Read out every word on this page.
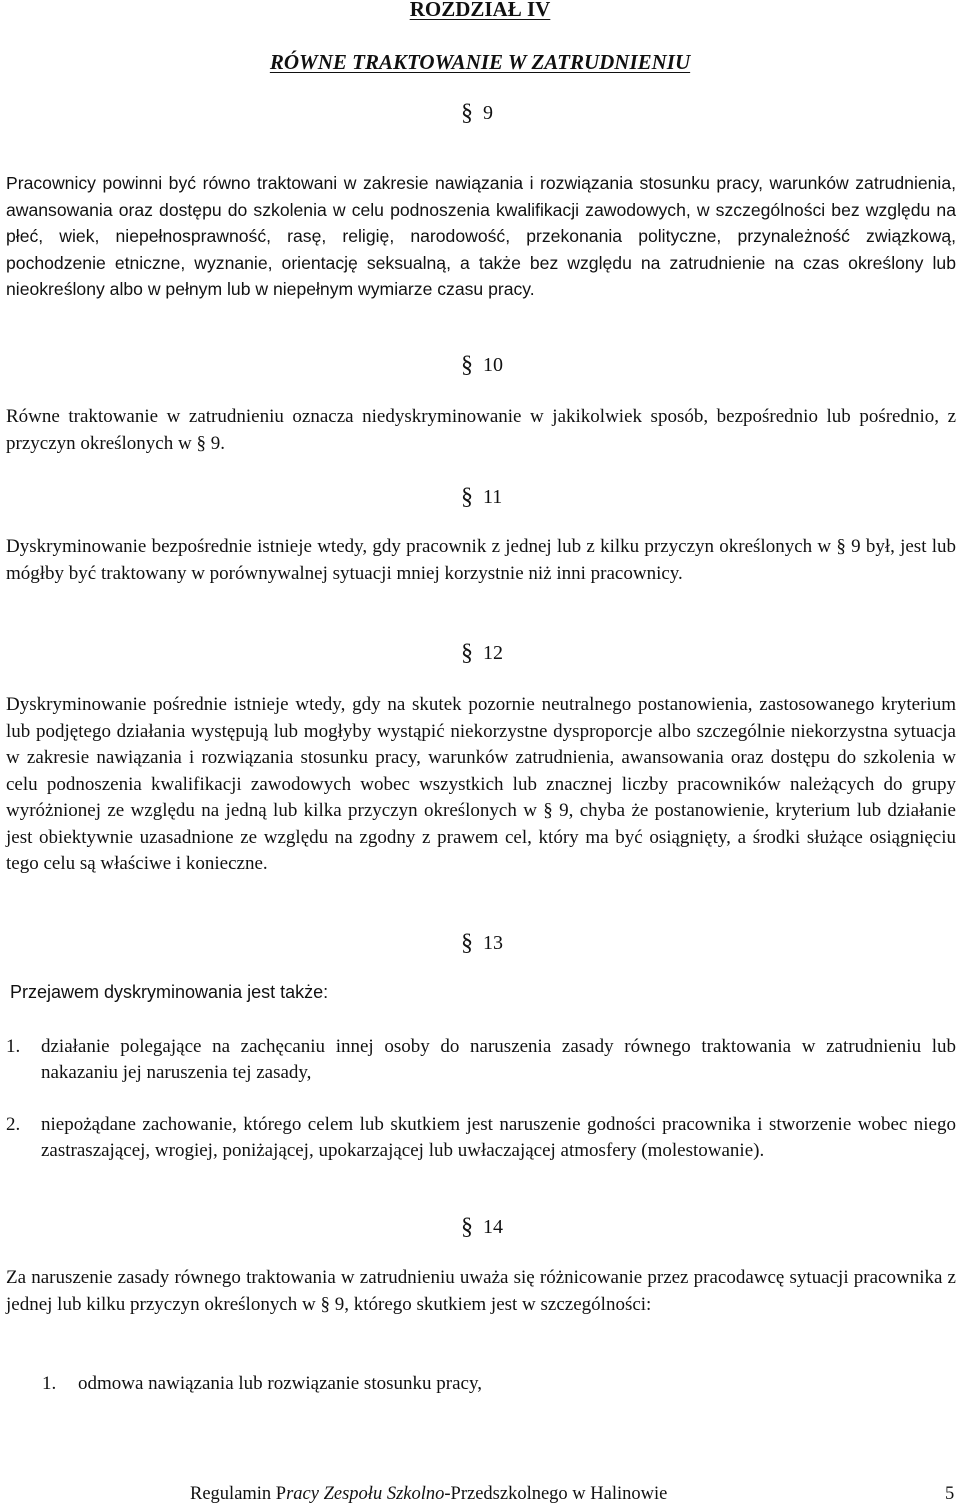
ROZDZIAŁ IV
RÓWNE TRAKTOWANIE W ZATRUDNIENIU

§ 9

Pracownicy powinni być równo traktowani w zakresie nawiązania i rozwiązania stosunku pracy, warunków zatrudnienia, awansowania oraz dostępu do szkolenia w celu podnoszenia kwalifikacji zawodowych, w szczególności bez względu na płeć, wiek, niepełnosprawność, rasę, religię, narodowość, przekonania polityczne, przynależność związkową, pochodzenie etniczne, wyznanie, orientację seksualną, a także bez względu na zatrudnienie na czas określony lub nieokreślony albo w pełnym lub w niepełnym wymiarze czasu pracy.

§ 10

Równe traktowanie w zatrudnieniu oznacza niedyskryminowanie w jakikolwiek sposób, bezpośrednio lub pośrednio, z przyczyn określonych w § 9.

§ 11

Dyskryminowanie bezpośrednie istnieje wtedy, gdy pracownik z jednej lub z kilku przyczyn określonych w § 9 był, jest lub mógłby być traktowany w porównywalnej sytuacji mniej korzystnie niż inni pracownicy.

§ 12

Dyskryminowanie pośrednie istnieje wtedy, gdy na skutek pozornie neutralnego postanowienia, zastosowanego kryterium lub podjętego działania występują lub mogłyby wystąpić niekorzystne dysproporcje albo szczególnie niekorzystna sytuacja w zakresie nawiązania i rozwiązania stosunku pracy, warunków zatrudnienia, awansowania oraz dostępu do szkolenia w celu podnoszenia kwalifikacji zawodowych wobec wszystkich lub znacznej liczby pracowników należących do grupy wyróżnionej ze względu na jedną lub kilka przyczyn określonych w § 9, chyba że postanowienie, kryterium lub działanie jest obiektywnie uzasadnione ze względu na zgodny z prawem cel, który ma być osiągnięty, a środki służące osiągnięciu tego celu są właściwe i konieczne.

§ 13

Przejawem dyskryminowania jest także:

1. działanie polegające na zachęcaniu innej osoby do naruszenia zasady równego traktowania w zatrudnieniu lub nakazaniu jej naruszenia tej zasady,
2. niepożądane zachowanie, którego celem lub skutkiem jest naruszenie godności pracownika i stworzenie wobec niego zastraszającej, wrogiej, poniżającej, upokarzającej lub uwłaczającej atmosfery (molestowanie).

§ 14

Za naruszenie zasady równego traktowania w zatrudnieniu uważa się różnicowanie przez pracodawcę sytuacji pracownika z jednej lub kilku przyczyn określonych w § 9, którego skutkiem jest w szczególności:

1. odmowa nawiązania lub rozwiązanie stosunku pracy,

Regulamin Pracy Zespołu Szkolno-Przedszkolnego w Halinowie	5
